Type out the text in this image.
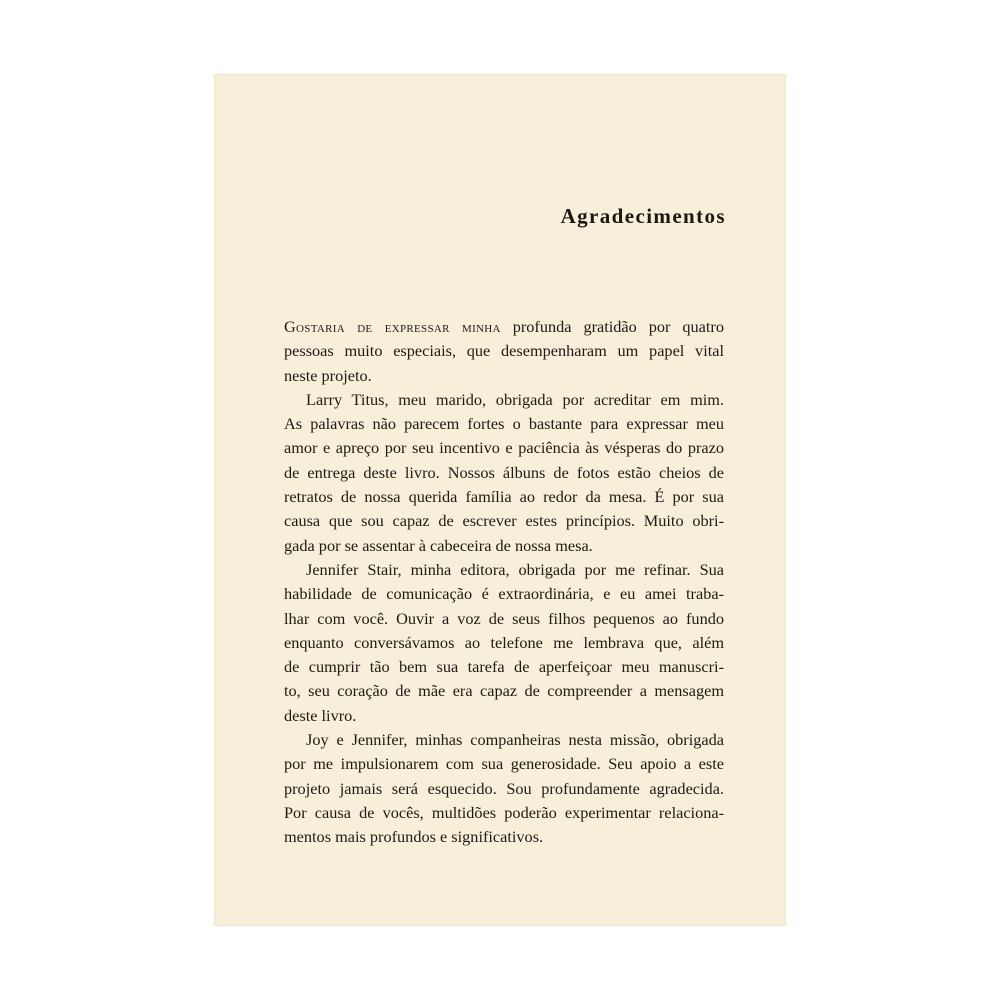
Agradecimentos
Gostaria de expressar minha profunda gratidão por quatro
pessoas muito especiais, que desempenharam um papel vital
neste projeto.
Larry Titus, meu marido, obrigada por acreditar em mim.
As palavras não parecem fortes o bastante para expressar meu
amor e apreço por seu incentivo e paciência às vésperas do prazo
de entrega deste livro. Nossos álbuns de fotos estão cheios de
retratos de nossa querida família ao redor da mesa. É por sua
causa que sou capaz de escrever estes princípios. Muito obri-
gada por se assentar à cabeceira de nossa mesa.
Jennifer Stair, minha editora, obrigada por me refinar. Sua
habilidade de comunicação é extraordinária, e eu amei traba-
lhar com você. Ouvir a voz de seus filhos pequenos ao fundo
enquanto conversávamos ao telefone me lembrava que, além
de cumprir tão bem sua tarefa de aperfeiçoar meu manuscri-
to, seu coração de mãe era capaz de compreender a mensagem
deste livro.
Joy e Jennifer, minhas companheiras nesta missão, obrigada
por me impulsionarem com sua generosidade. Seu apoio a este
projeto jamais será esquecido. Sou profundamente agradecida.
Por causa de vocês, multidões poderão experimentar relaciona-
mentos mais profundos e significativos.
